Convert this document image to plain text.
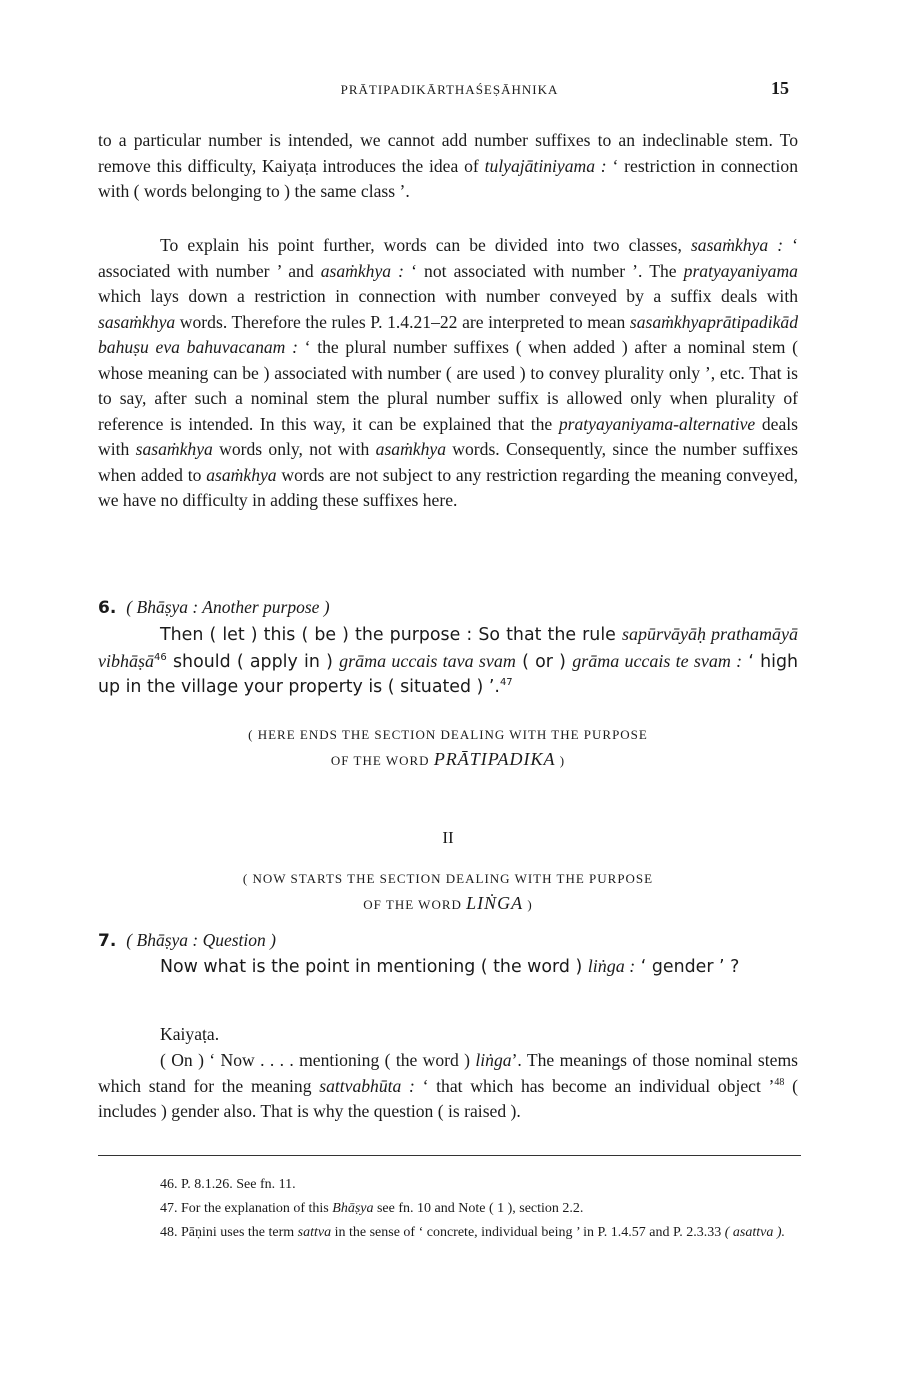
PRĀTIPADIKĀRTHAŚEṢĀHNIKA	15

to a particular number is intended, we cannot add number suffixes to an indeclinable stem. To remove this difficulty, Kaiyaṭa introduces the idea of tulyajātiniyama : ‘ restriction in connection with ( words belonging to ) the same class ’.

To explain his point further, words can be divided into two classes, sasaṁkhya : ‘ associated with number ’ and asaṁkhya : ‘ not associated with number ’. The pratyayaniyama which lays down a restriction in connection with number conveyed by a suffix deals with sasaṁkhya words. Therefore the rules P. 1.4.21–22 are interpreted to mean sasaṁkhyaprātipadikād bahuṣu eva bahuvacanam : ‘ the plural number suffixes ( when added ) after a nominal stem ( whose meaning can be ) associated with number ( are used ) to convey plurality only ’, etc. That is to say, after such a nominal stem the plural number suffix is allowed only when plurality of reference is intended. In this way, it can be explained that the pratyayaniyama-alternative deals with sasaṁkhya words only, not with asaṁkhya words. Consequently, since the number suffixes when added to asaṁkhya words are not subject to any restriction regarding the meaning conveyed, we have no difficulty in adding these suffixes here.

6. ( Bhāṣya : Another purpose )

Then ( let ) this ( be ) the purpose : So that the rule sapūrvāyāḥ prathamāyā vibhāṣā$^{46}$ should ( apply in ) grāma uccais tava svam ( or ) grāma uccais te svam : ‘ high up in the village your property is ( situated ) ’.$^{47}$

( HERE ENDS THE SECTION DEALING WITH THE PURPOSE
OF THE WORD PRĀTIPADIKA )
II
( NOW STARTS THE SECTION DEALING WITH THE PURPOSE
OF THE WORD LIṄGA )
7. ( Bhāṣya : Question )

Now what is the point in mentioning ( the word ) liṅga : ‘ gender ’ ?

Kaiyaṭa.

( On ) ‘ Now . . . . mentioning ( the word ) liṅga’. The meanings of those nominal stems which stand for the meaning sattvabhūta : ‘ that which has become an individual object ’$^{48}$ ( includes ) gender also. That is why the question ( is raised ).

46. P. 8.1.26. See fn. 11.

47. For the explanation of this Bhāṣya see fn. 10 and Note ( 1 ), section 2.2.

48. Pāṇini uses the term sattva in the sense of ‘ concrete, individual being ’ in P. 1.4.57 and P. 2.3.33 ( asattva ).
